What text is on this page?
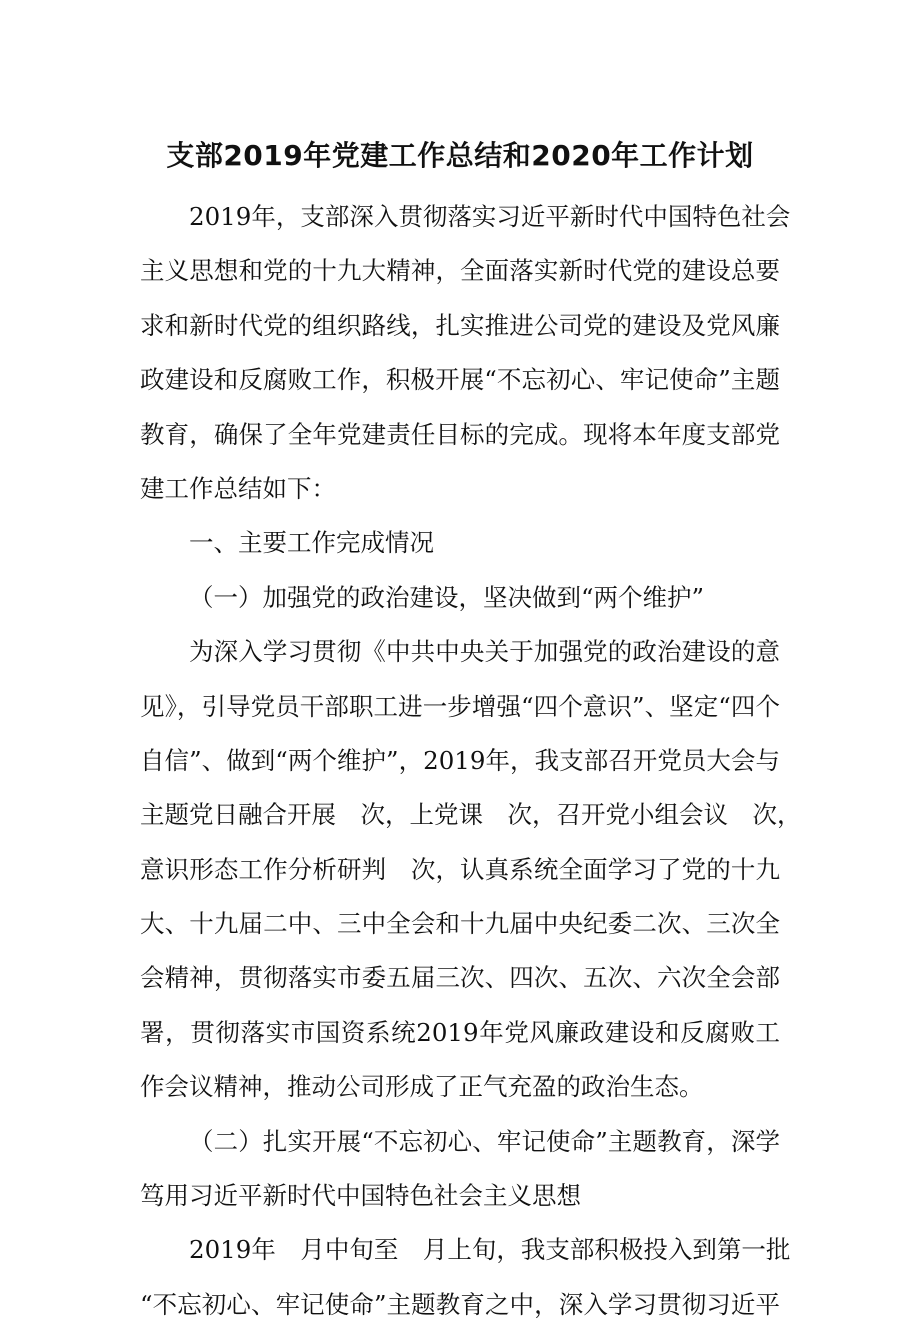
支部2019年党建工作总结和2020年工作计划
2019年，支部深入贯彻落实习近平新时代中国特色社会
主义思想和党的十九大精神，全面落实新时代党的建设总要
求和新时代党的组织路线，扎实推进公司党的建设及党风廉
政建设和反腐败工作，积极开展“不忘初心、牢记使命”主题
教育，确保了全年党建责任目标的完成。现将本年度支部党
建工作总结如下：
一、主要工作完成情况
（一）加强党的政治建设，坚决做到“两个维护”
为深入学习贯彻《中共中央关于加强党的政治建设的意
见》，引导党员干部职工进一步增强“四个意识”、坚定“四个
自信”、做到“两个维护”，2019年，我支部召开党员大会与
主题党日融合开展　次，上党课　次，召开党小组会议　次，
意识形态工作分析研判　次，认真系统全面学习了党的十九
大、十九届二中、三中全会和十九届中央纪委二次、三次全
会精神，贯彻落实市委五届三次、四次、五次、六次全会部
署，贯彻落实市国资系统2019年党风廉政建设和反腐败工
作会议精神，推动公司形成了正气充盈的政治生态。
（二）扎实开展“不忘初心、牢记使命”主题教育，深学
笃用习近平新时代中国特色社会主义思想
2019年　月中旬至　月上旬，我支部积极投入到第一批
“不忘初心、牢记使命”主题教育之中，深入学习贯彻习近平
